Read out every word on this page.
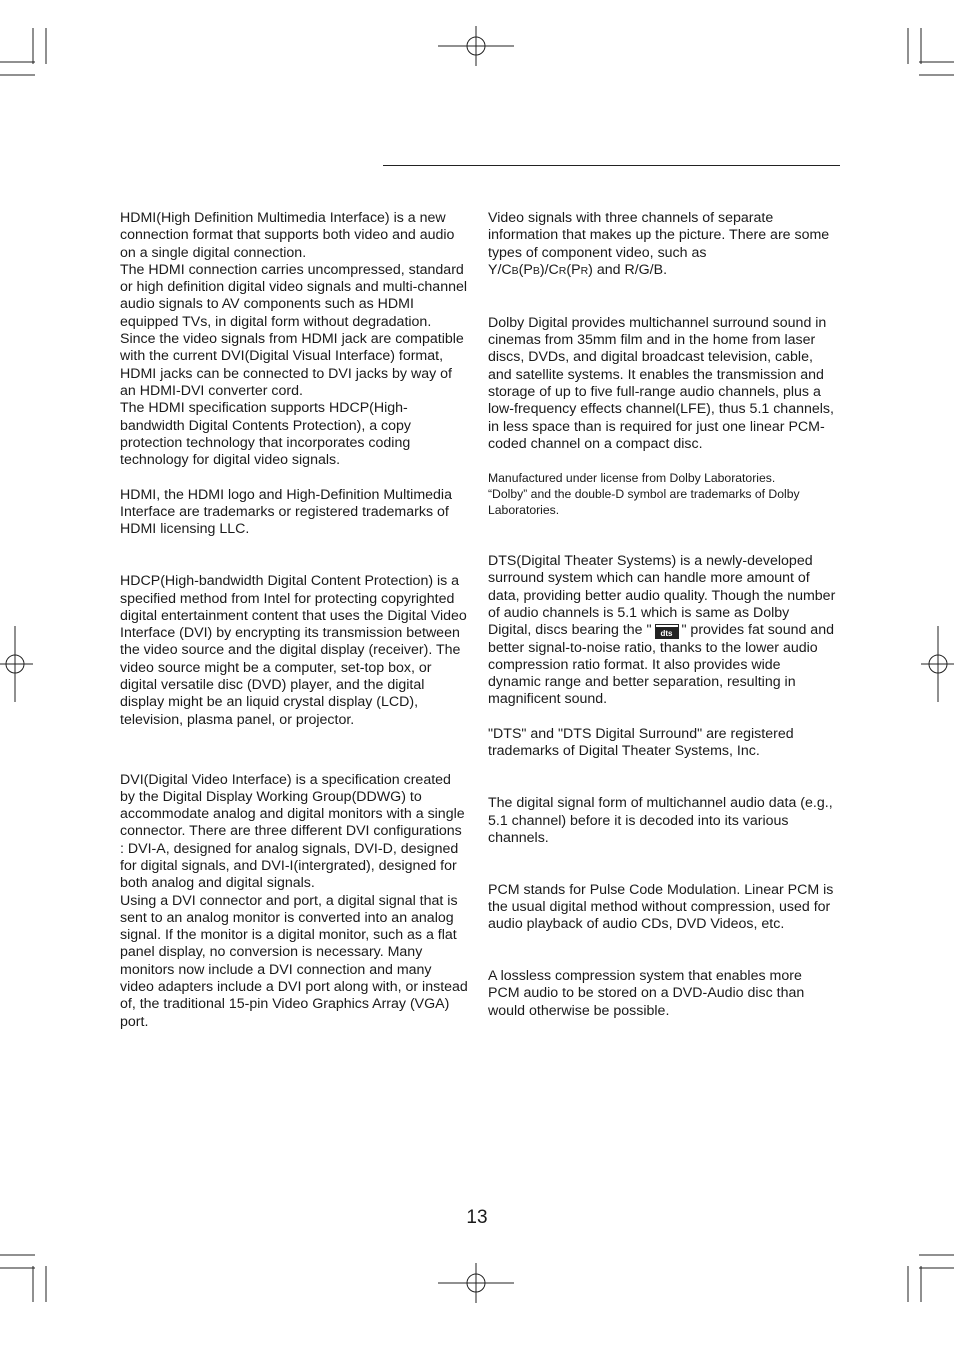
HDMI(High Definition Multimedia Interface) is a new connection format that supports both video and audio on a single digital connection.

The HDMI connection carries uncompressed, standard or high definition digital video signals and multi-channel audio signals to AV components such as HDMI equipped TVs, in digital form without degradation.

Since the video signals from HDMI jack are compatible with the current DVI(Digital Visual Interface) format, HDMI jacks can be connected to DVI jacks by way of an HDMI-DVI converter cord.

The HDMI specification supports HDCP(High-bandwidth Digital Contents Protection), a copy protection technology that incorporates coding technology for digital video signals.

HDMI, the HDMI logo and High-Definition Multimedia Interface are trademarks or registered trademarks of HDMI licensing LLC.

HDCP(High-bandwidth Digital Content Protection) is a specified method from Intel for protecting copyrighted digital entertainment content that uses the Digital Video Interface (DVI) by encrypting its transmission between the video source and the digital display (receiver). The video source might be a computer, set-top box, or digital versatile disc (DVD) player, and the digital display might be an liquid crystal display (LCD), television, plasma panel, or projector.

DVI(Digital Video Interface) is a specification created by the Digital Display Working Group(DDWG) to accommodate analog and digital monitors with a single connector. There are three different DVI configurations : DVI-A, designed for analog signals, DVI-D, designed for digital signals, and DVI-I(intergrated), designed for both analog and digital signals.

Using a DVI connector and port, a digital signal that is sent to an analog monitor is converted into an analog signal. If the monitor is a digital monitor, such as a flat panel display, no conversion is necessary. Many monitors now include a DVI connection and many video adapters include a DVI port along with, or instead of, the traditional 15-pin Video Graphics Array (VGA) port.

Video signals with three channels of separate information that makes up the picture. There are some types of component video, such as
Y/CB(PB)/CR(PR) and R/G/B.

Dolby Digital provides multichannel surround sound in cinemas from 35mm film and in the home from laser discs, DVDs, and digital broadcast television, cable, and satellite systems. It enables the transmission and storage of up to five full-range audio channels, plus a low-frequency effects channel(LFE), thus 5.1 channels, in less space than is required for just one linear PCM-coded channel on a compact disc.

Manufactured under license from Dolby Laboratories.

“Dolby” and the double-D symbol are trademarks of Dolby Laboratories.

DTS(Digital Theater Systems) is a newly-developed surround system which can handle more amount of data, providing better audio quality. Though the number of audio channels is 5.1 which is same as Dolby Digital, discs bearing the " dts " provides fat sound and better signal-to-noise ratio, thanks to the lower audio compression ratio format. It also provides wide dynamic range and better separation, resulting in magnificent sound.

"DTS" and "DTS Digital Surround" are registered trademarks of Digital Theater Systems, Inc.

The digital signal form of multichannel audio data (e.g., 5.1 channel) before it is decoded into its various channels.

PCM stands for Pulse Code Modulation. Linear PCM is the usual digital method without compression, used for audio playback of audio CDs, DVD Videos, etc.

A lossless compression system that enables more PCM audio to be stored on a DVD-Audio disc than would otherwise be possible.

13
